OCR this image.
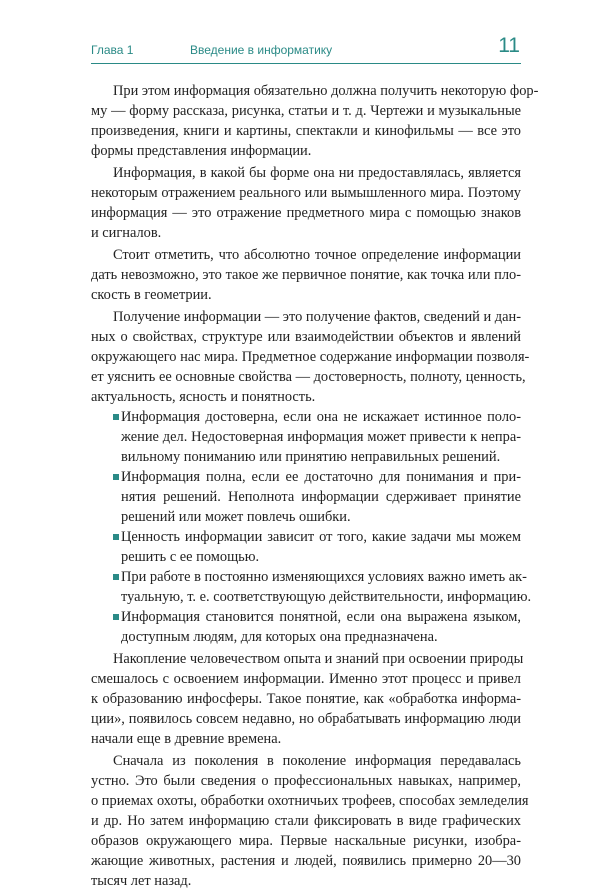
Глава 1	Введение в информатику	11
При этом информация обязательно должна получить некоторую фор-
му — форму рассказа, рисунка, статьи и т. д. Чертежи и музыкальные
произведения, книги и картины, спектакли и кинофильмы — все это
формы представления информации.
Информация, в какой бы форме она ни предоставлялась, является
некоторым отражением реального или вымышленного мира. Поэтому
информация — это отражение предметного мира с помощью знаков
и сигналов.
Стоит отметить, что абсолютно точное определение информации
дать невозможно, это такое же первичное понятие, как точка или пло-
скость в геометрии.
Получение информации — это получение фактов, сведений и дан-
ных о свойствах, структуре или взаимодействии объектов и явлений
окружающего нас мира. Предметное содержание информации позволя-
ет уяснить ее основные свойства — достоверность, полноту, ценность,
актуальность, ясность и понятность.
Информация достоверна, если она не искажает истинное поло-
жение дел. Недостоверная информация может привести к непра-
вильному пониманию или принятию неправильных решений.
Информация полна, если ее достаточно для понимания и при-
нятия решений. Неполнота информации сдерживает принятие
решений или может повлечь ошибки.
Ценность информации зависит от того, какие задачи мы можем
решить с ее помощью.
При работе в постоянно изменяющихся условиях важно иметь ак-
туальную, т. е. соответствующую действительности, информацию.
Информация становится понятной, если она выражена языком,
доступным людям, для которых она предназначена.
Накопление человечеством опыта и знаний при освоении природы
смешалось с освоением информации. Именно этот процесс и привел
к образованию инфосферы. Такое понятие, как «обработка информа-
ции», появилось совсем недавно, но обрабатывать информацию люди
начали еще в древние времена.
Сначала из поколения в поколение информация передавалась
устно. Это были сведения о профессиональных навыках, например,
о приемах охоты, обработки охотничьих трофеев, способах земледелия
и др. Но затем информацию стали фиксировать в виде графических
образов окружающего мира. Первые наскальные рисунки, изобра-
жающие животных, растения и людей, появились примерно 20—30
тысяч лет назад.
